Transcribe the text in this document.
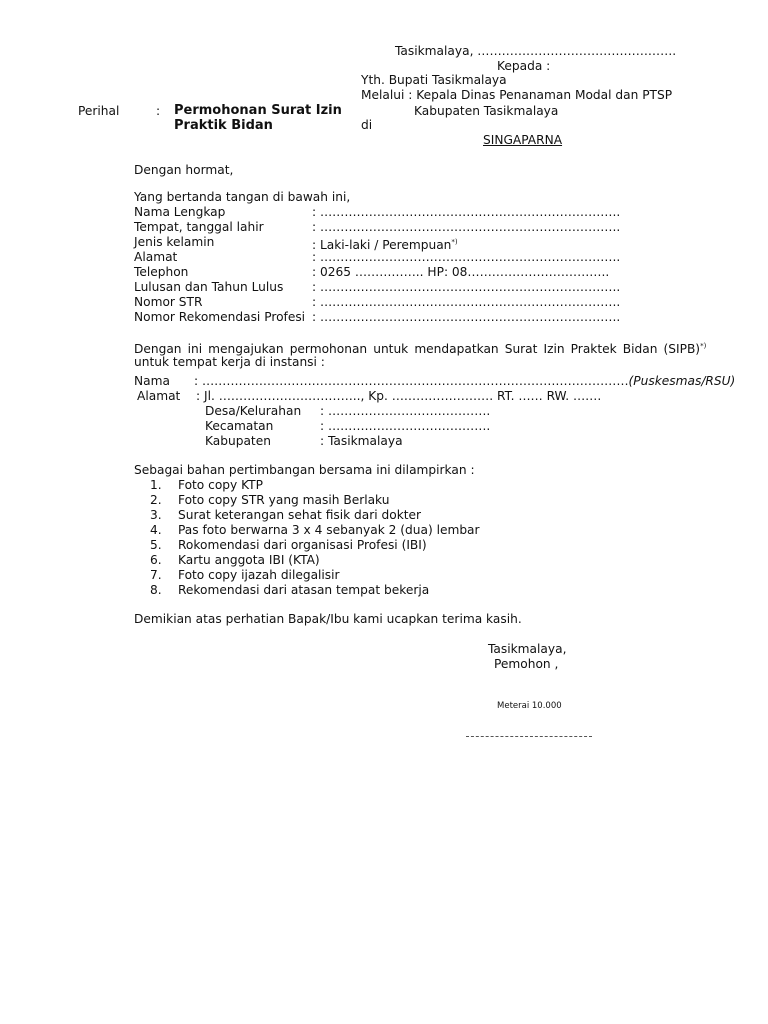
Tasikmalaya, ………………………………………….
Kepada :
Yth. Bupati Tasikmalaya
Melalui : Kepala Dinas Penanaman Modal dan PTSP
Kabupaten Tasikmalaya
di
SINGAPARNA
Perihal	: Permohonan Surat Izin
Praktik Bidan
Dengan hormat,
Yang bertanda tangan di bawah ini,
Nama Lengkap	: ………………………………………………………………..
Tempat, tanggal lahir	: ………………………………………………………………..
Jenis kelamin	: Laki-laki / Perempuan*)
Alamat	: ………………………………………………………………..
Telephon	: 0265 …………….. HP: 08……………………………..
Lulusan dan Tahun Lulus : ………………………………………………………………..
Nomor STR	: ………………………………………………………………..
Nomor Rekomendasi Profesi : ………………………………………………………………..
Dengan ini mengajukan permohonan untuk mendapatkan Surat Izin Praktek Bidan (SIPB)*)
untuk tempat kerja di instansi :
Nama : ……………………………………………………………………………………………(Puskesmas/RSU)
Alamat : Jl. …………………………….., Kp. ……………………. RT. …… RW. …….
Desa/Kelurahan : ………………………………….
Kecamatan	: ………………………………….
Kabupaten	: Tasikmalaya
Sebagai bahan pertimbangan bersama ini dilampirkan :
1. Foto copy KTP
2. Foto copy STR yang masih Berlaku
3. Surat keterangan sehat fisik dari dokter
4. Pas foto berwarna 3 x 4 sebanyak 2 (dua) lembar
5. Rokomendasi dari organisasi Profesi (IBI)
6. Kartu anggota IBI (KTA)
7. Foto copy ijazah dilegalisir
8. Rekomendasi dari atasan tempat bekerja
Demikian atas perhatian Bapak/Ibu kami ucapkan terima kasih.
Tasikmalaya,
Pemohon ,
Meterai 10.000
